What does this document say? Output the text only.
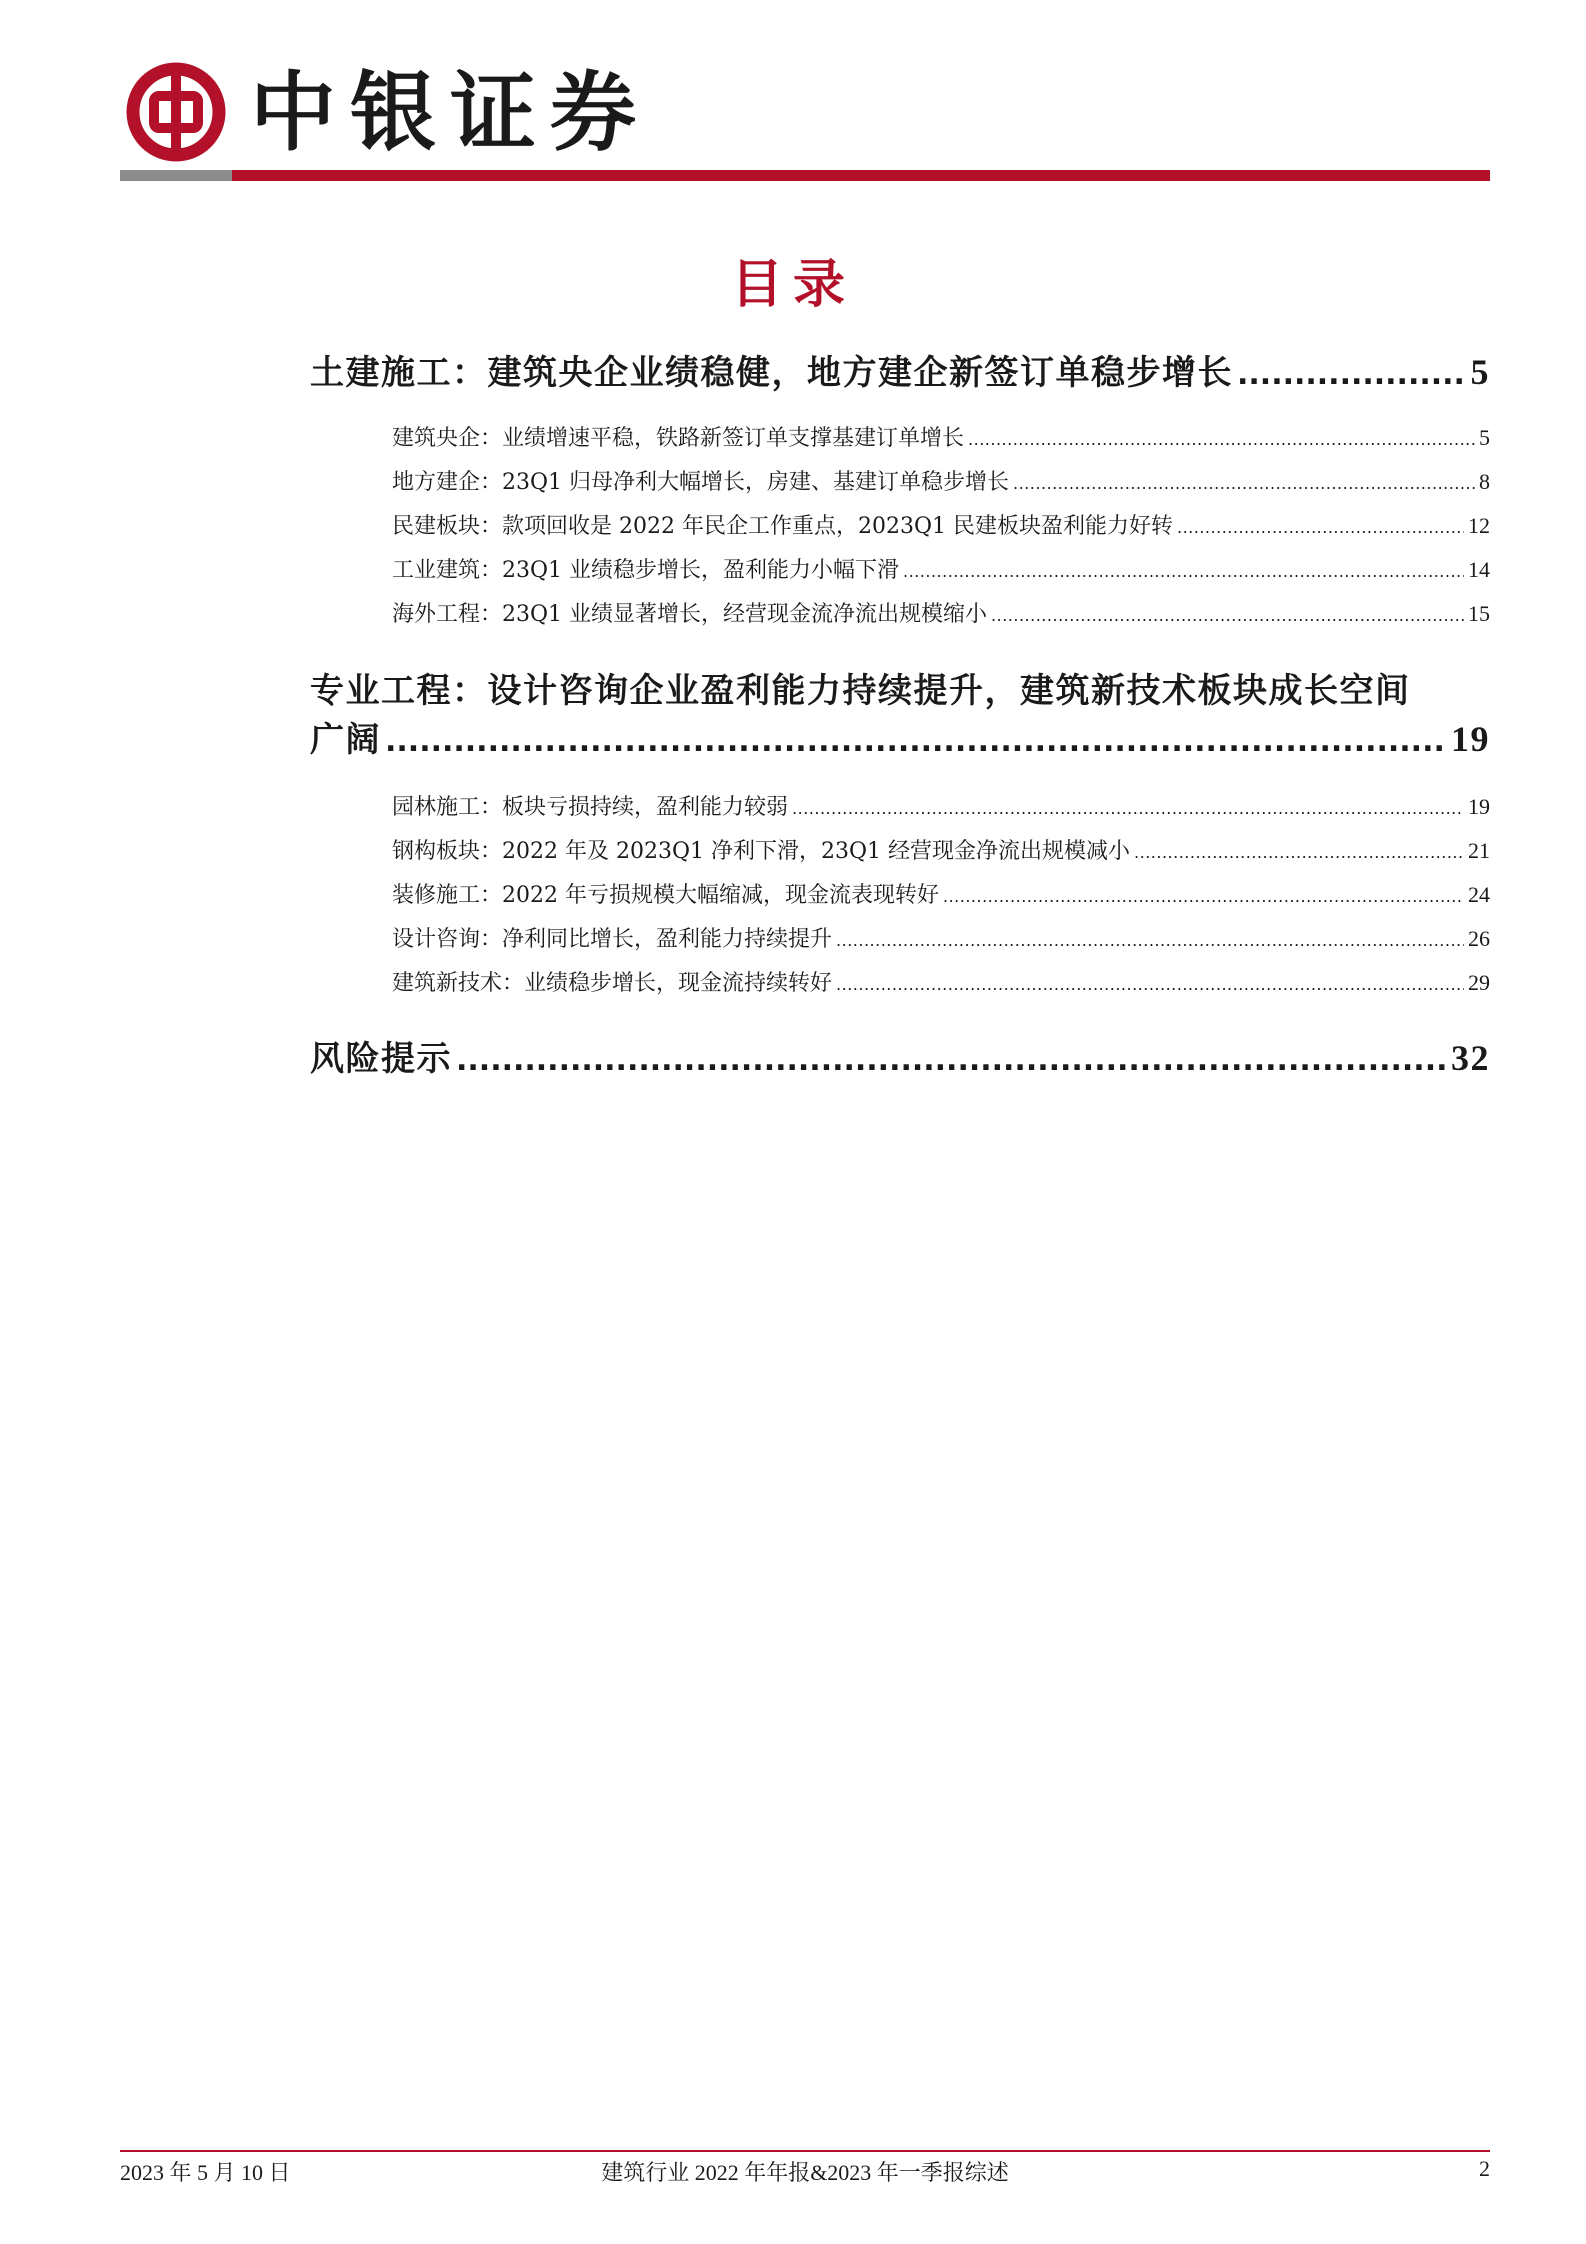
中银证券
目录
土建施工：建筑央企业绩稳健，地方建企新签订单稳步增长 .....	5
建筑央企：业绩增速平稳，铁路新签订单支撑基建订单增长 .....	5
地方建企：23Q1 归母净利大幅增长，房建、基建订单稳步增长 .....	8
民建板块：款项回收是 2022 年民企工作重点，2023Q1 民建板块盈利能力好转 .....	12
工业建筑：23Q1 业绩稳步增长，盈利能力小幅下滑 .....	14
海外工程：23Q1 业绩显著增长，经营现金流净流出规模缩小 .....	15
专业工程：设计咨询企业盈利能力持续提升，建筑新技术板块成长空间
广阔 .....	19
园林施工：板块亏损持续，盈利能力较弱 .....	19
钢构板块：2022 年及 2023Q1 净利下滑，23Q1 经营现金净流出规模减小 .....	21
装修施工：2022 年亏损规模大幅缩减，现金流表现转好 .....	24
设计咨询：净利同比增长，盈利能力持续提升 .....	26
建筑新技术：业绩稳步增长，现金流持续转好 .....	29
风险提示 .....	32
2023 年 5 月 10 日	建筑行业 2022 年年报&2023 年一季报综述	2
